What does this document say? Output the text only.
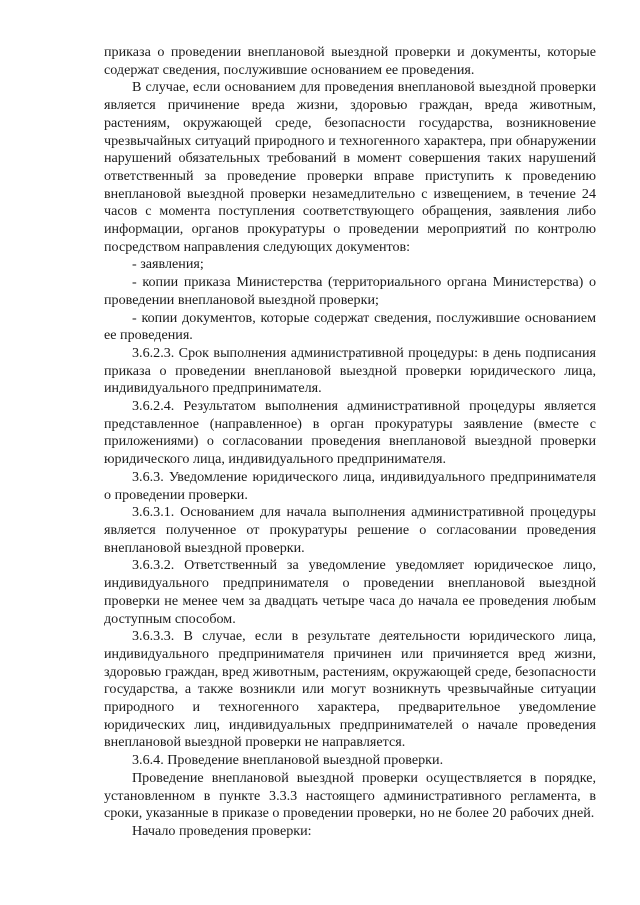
приказа о проведении внеплановой выездной проверки и документы, которые содержат сведения, послужившие основанием ее проведения.

В случае, если основанием для проведения внеплановой выездной проверки является причинение вреда жизни, здоровью граждан, вреда животным, растениям, окружающей среде, безопасности государства, возникновение чрезвычайных ситуаций природного и техногенного характера, при обнаружении нарушений обязательных требований в момент совершения таких нарушений ответственный за проведение проверки вправе приступить к проведению внеплановой выездной проверки незамедлительно с извещением, в течение 24 часов с момента поступления соответствующего обращения, заявления либо информации, органов прокуратуры о проведении мероприятий по контролю посредством направления следующих документов:

- заявления;

- копии приказа Министерства (территориального органа Министерства) о проведении внеплановой выездной проверки;

- копии документов, которые содержат сведения, послужившие основанием ее проведения.

3.6.2.3. Срок выполнения административной процедуры: в день подписания приказа о проведении внеплановой выездной проверки юридического лица, индивидуального предпринимателя.

3.6.2.4. Результатом выполнения административной процедуры является представленное (направленное) в орган прокуратуры заявление (вместе с приложениями) о согласовании проведения внеплановой выездной проверки юридического лица, индивидуального предпринимателя.

3.6.3. Уведомление юридического лица, индивидуального предпринимателя о проведении проверки.

3.6.3.1. Основанием для начала выполнения административной процедуры является полученное от прокуратуры решение о согласовании проведения внеплановой выездной проверки.

3.6.3.2. Ответственный за уведомление уведомляет юридическое лицо, индивидуального предпринимателя о проведении внеплановой выездной проверки не менее чем за двадцать четыре часа до начала ее проведения любым доступным способом.

3.6.3.3. В случае, если в результате деятельности юридического лица, индивидуального предпринимателя причинен или причиняется вред жизни, здоровью граждан, вред животным, растениям, окружающей среде, безопасности государства, а также возникли или могут возникнуть чрезвычайные ситуации природного и техногенного характера, предварительное уведомление юридических лиц, индивидуальных предпринимателей о начале проведения внеплановой выездной проверки не направляется.

3.6.4. Проведение внеплановой выездной проверки.

Проведение внеплановой выездной проверки осуществляется в порядке, установленном в пункте 3.3.3 настоящего административного регламента, в сроки, указанные в приказе о проведении проверки, но не более 20 рабочих дней.

Начало проведения проверки:
